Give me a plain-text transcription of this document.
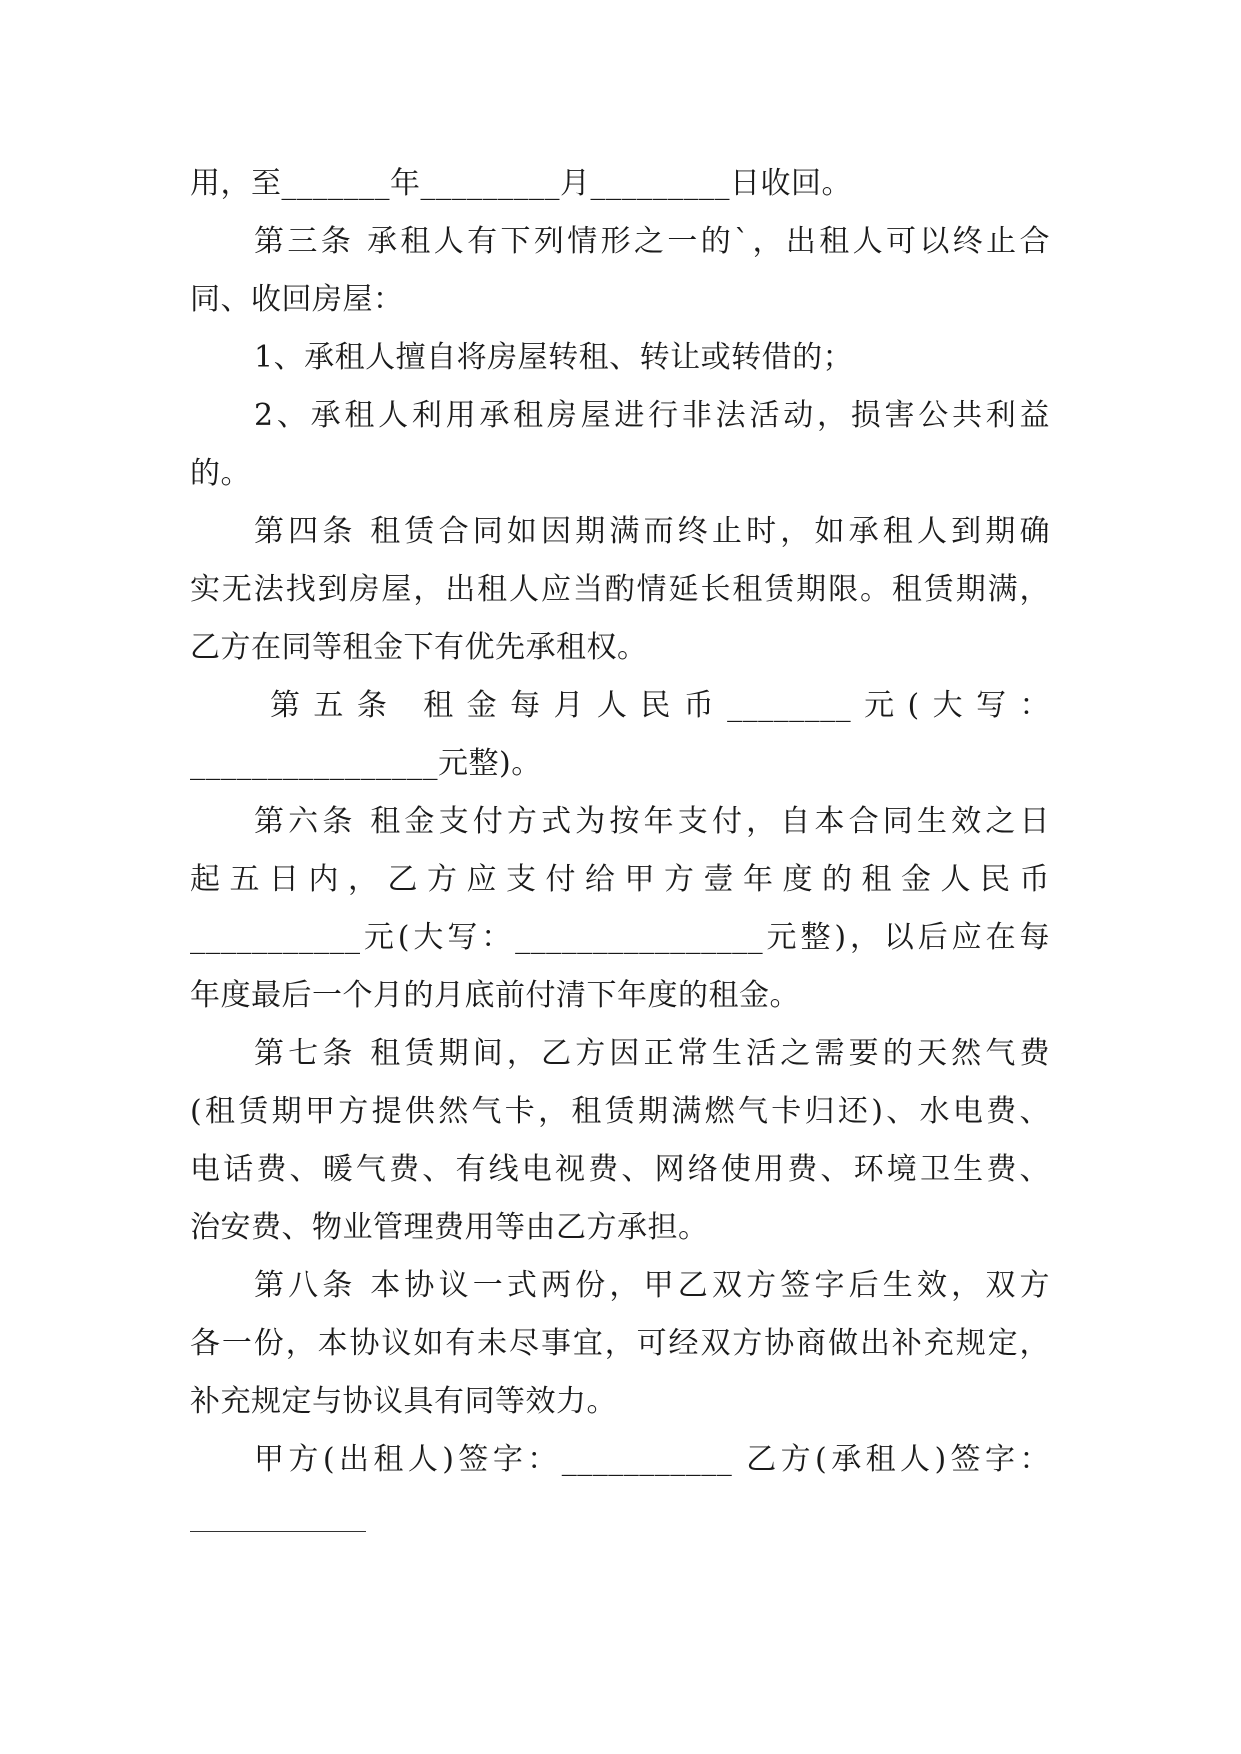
用，至_______年_________月_________日收回。
第三条 承租人有下列情形之一的`，出租人可以终止合
同、收回房屋：
1、承租人擅自将房屋转租、转让或转借的；
2、承租人利用承租房屋进行非法活动，损害公共利益
的。
第四条 租赁合同如因期满而终止时，如承租人到期确
实无法找到房屋，出租人应当酌情延长租赁期限。租赁期满，
乙方在同等租金下有优先承租权。
第五条 租金每月人民币________元(大写：
________________元整)。
第六条 租金支付方式为按年支付，自本合同生效之日
起五日内，乙方应支付给甲方壹年度的租金人民币
___________元(大写：________________元整)，以后应在每
年度最后一个月的月底前付清下年度的租金。
第七条 租赁期间，乙方因正常生活之需要的天然气费
(租赁期甲方提供然气卡，租赁期满燃气卡归还)、水电费、
电话费、暖气费、有线电视费、网络使用费、环境卫生费、
治安费、物业管理费用等由乙方承担。
第八条 本协议一式两份，甲乙双方签字后生效，双方
各一份，本协议如有未尽事宜，可经双方协商做出补充规定，
补充规定与协议具有同等效力。
甲方(出租人)签字：___________ 乙方(承租人)签字：
